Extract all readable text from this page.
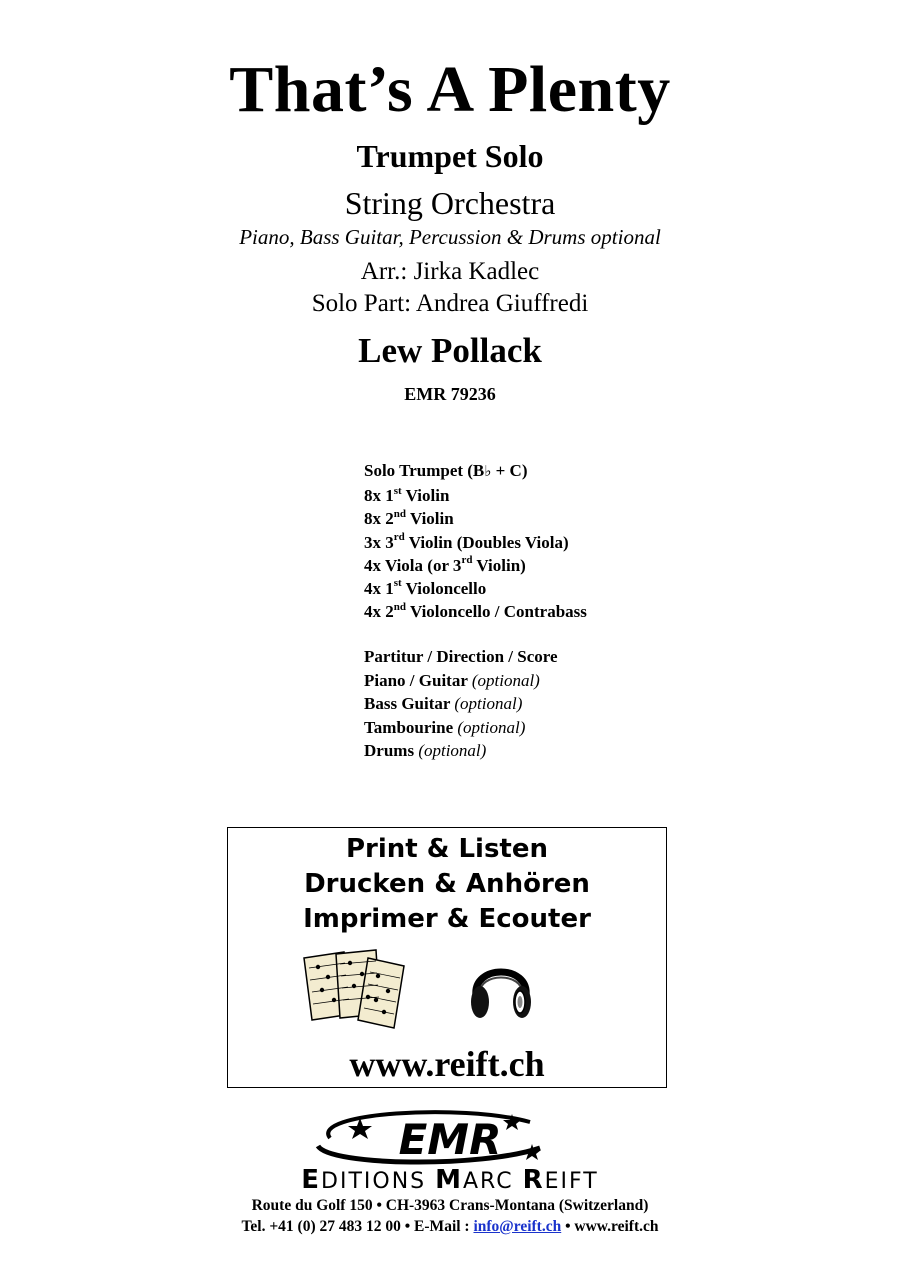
That’s A Plenty
Trumpet Solo
String Orchestra
Piano, Bass Guitar, Percussion & Drums optional
Arr.: Jirka Kadlec
Solo Part: Andrea Giuffredi
Lew Pollack
EMR 79236
Solo Trumpet (B♭ + C)
8x 1st Violin
8x 2nd Violin
3x 3rd Violin (Doubles Viola)
4x Viola (or 3rd Violin)
4x 1st Violoncello
4x 2nd Violoncello / Contrabass
Partitur / Direction / Score
Piano / Guitar (optional)
Bass Guitar (optional)
Tambourine (optional)
Drums (optional)
Print & Listen
Drucken & Anhören
Imprimer & Ecouter
www.reift.ch
EMR
EDITIONS MARC REIFT
Route du Golf 150 • CH-3963 Crans-Montana (Switzerland)
Tel. +41 (0) 27 483 12 00 • E-Mail : info@reift.ch • www.reift.ch
